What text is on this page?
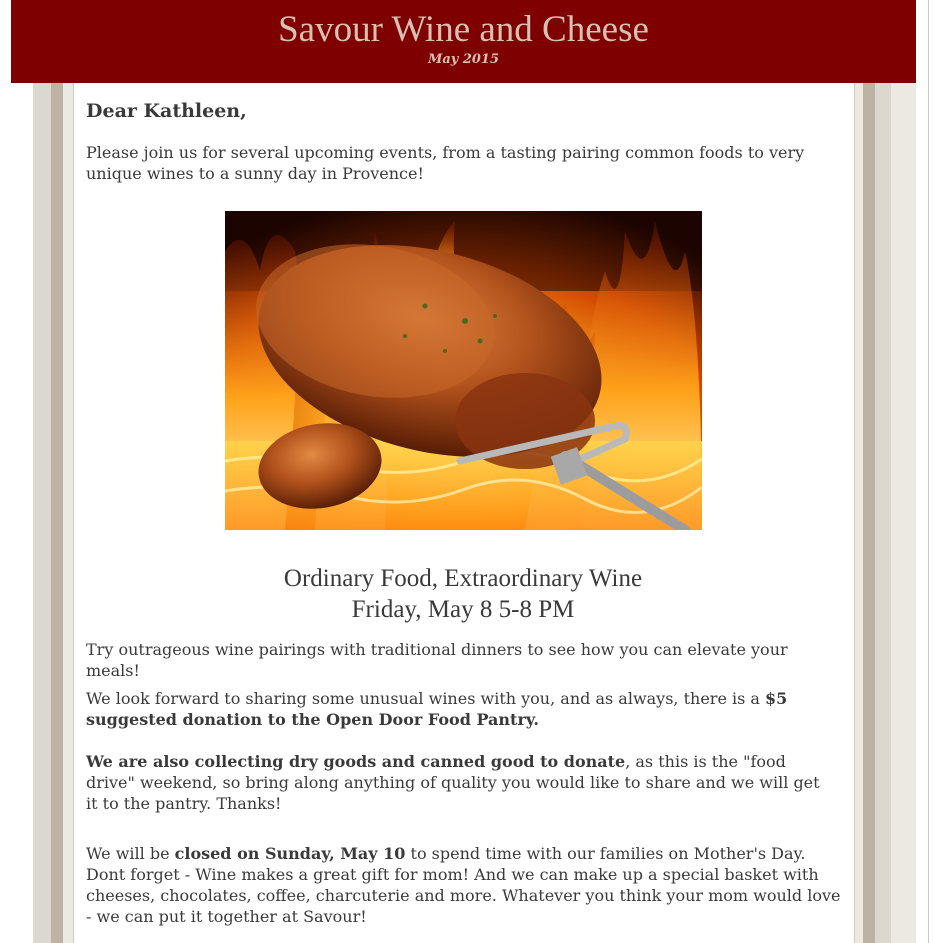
Savour Wine and Cheese
May 2015
Dear Kathleen,
Please join us for several upcoming events, from a tasting pairing common foods to very unique wines to a sunny day in Provence!
Ordinary Food, Extraordinary Wine
Friday, May 8 5-8 PM
Try outrageous wine pairings with traditional dinners to see how you can elevate your meals!
We look forward to sharing some unusual wines with you, and as always, there is a $5 suggested donation to the Open Door Food Pantry.
We are also collecting dry goods and canned good to donate, as this is the "food drive" weekend, so bring along anything of quality you would like to share and we will get it to the pantry. Thanks!
We will be closed on Sunday, May 10 to spend time with our families on Mother's Day. Dont forget - Wine makes a great gift for mom! And we can make up a special basket with cheeses, chocolates, coffee, charcuterie and more. Whatever you think your mom would love - we can put it together at Savour!
